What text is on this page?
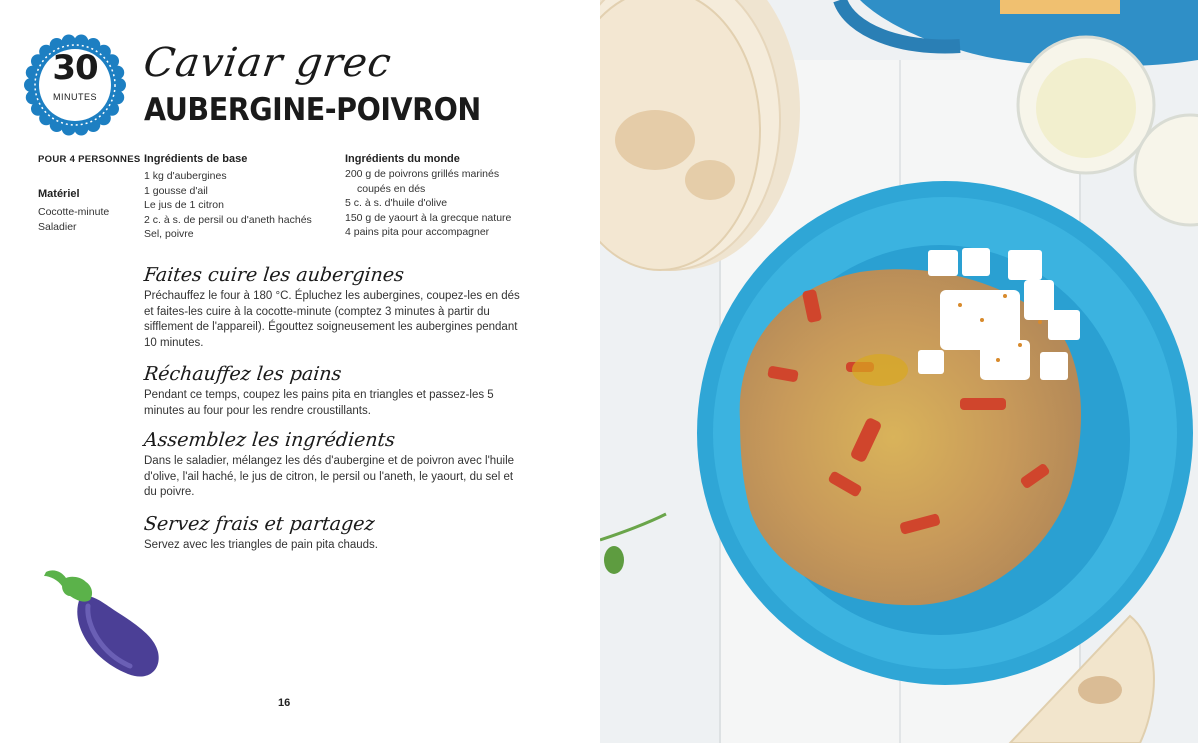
30
MINUTES
Caviar grec
AUBERGINE-POIVRON
POUR 4 PERSONNES
Matériel
Cocotte-minute
Saladier
Ingrédients de base
1 kg d'aubergines
1 gousse d'ail
Le jus de 1 citron
2 c. à s. de persil ou d'aneth hachés
Sel, poivre
Ingrédients du monde
200 g de poivrons grillés marinés
coupés en dés
5 c. à s. d'huile d'olive
150 g de yaourt à la grecque nature
4 pains pita pour accompagner
Faites cuire les aubergines
Préchauffez le four à 180 °C. Épluchez les aubergines, coupez-les en dés et faites-les cuire à la cocotte-minute (comptez 3 minutes à partir du sifflement de l'appareil). Égouttez soigneusement les aubergines pendant 10 minutes.
Réchauffez les pains
Pendant ce temps, coupez les pains pita en triangles et passez-les 5 minutes au four pour les rendre croustillants.
Assemblez les ingrédients
Dans le saladier, mélangez les dés d'aubergine et de poivron avec l'huile d'olive, l'ail haché, le jus de citron, le persil ou l'aneth, le yaourt, du sel et du poivre.
Servez frais et partagez
Servez avec les triangles de pain pita chauds.
16
